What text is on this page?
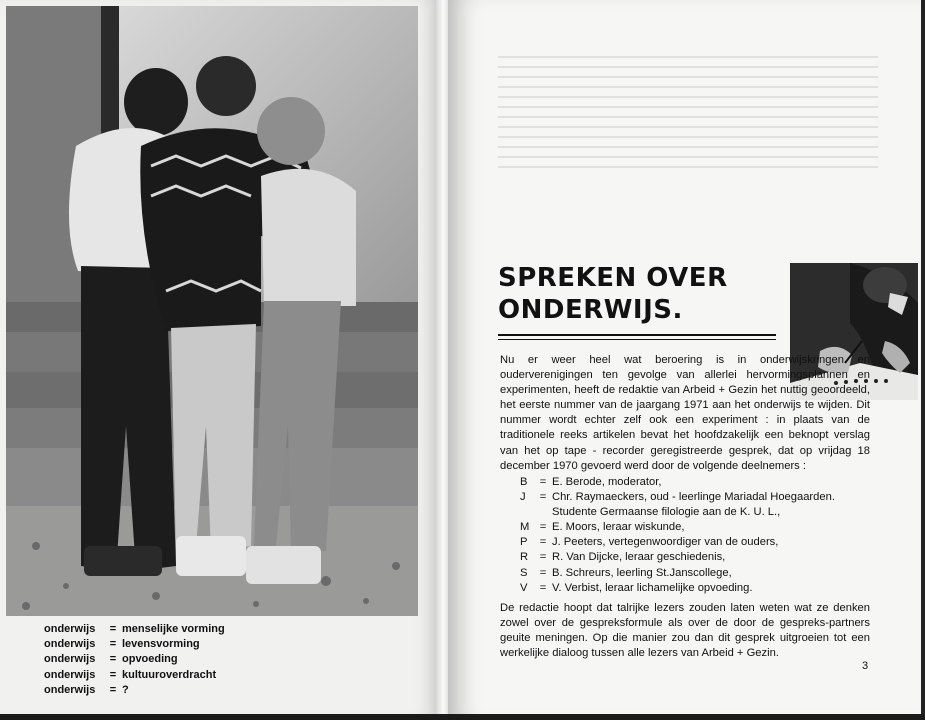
onderwijs	= menselijke vorming
onderwijs	= levensvorming
onderwijs	= opvoeding
onderwijs	= kultuuroverdracht
onderwijs	= ?
SPREKEN OVER
ONDERWIJS.

Nu er weer heel wat beroering is in onderwijskringen en ouderverenigingen ten gevolge van allerlei hervormingsplannen en experimenten, heeft de redaktie van Arbeid + Gezin het nuttig geoordeeld, het eerste nummer van de jaargang 1971 aan het onderwijs te wijden. Dit nummer wordt echter zelf ook een experiment : in plaats van de traditionele reeks artikelen bevat het hoofdzakelijk een beknopt verslag van het op tape - recorder geregistreerde gesprek, dat op vrijdag 18 december 1970 gevoerd werd door de volgende deelnemers :

B	= E. Berode, moderator,
J	= Chr. Raymaeckers, oud - leerlinge Mariadal Hoegaarden. Studente Germaanse filologie aan de K. U. L.,
M = E. Moors, leraar wiskunde,
P	= J. Peeters, vertegenwoordiger van de ouders,
R	= R. Van Dijcke, leraar geschiedenis,
S	= B. Schreurs, leerling St.Janscollege,
V	= V. Verbist, leraar lichamelijke opvoeding.

De redactie hoopt dat talrijke lezers zouden laten weten wat ze denken zowel over de gespreksformule als over de door de gespreks-partners geuite meningen. Op die manier zou dan dit gesprek uitgroeien tot een werkelijke dialoog tussen alle lezers van Arbeid + Gezin.

3
